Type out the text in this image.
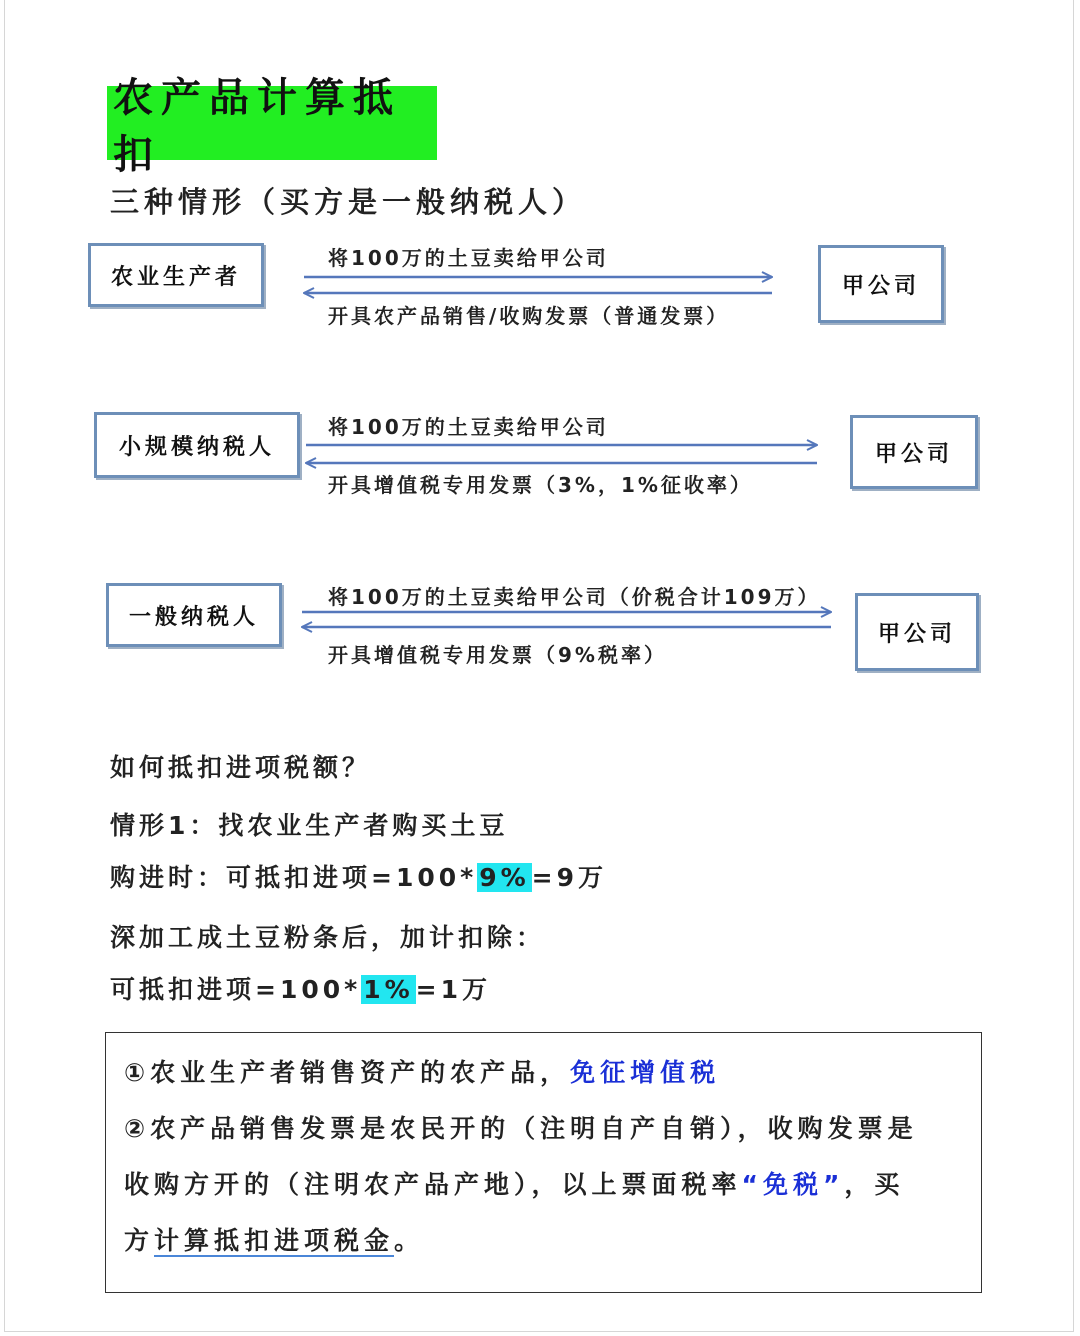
农产品计算抵扣
三种情形（买方是一般纳税人）
农业生产者	甲公司
将100万的土豆卖给甲公司
开具农产品销售/收购发票（普通发票）
小规模纳税人	甲公司
将100万的土豆卖给甲公司
开具增值税专用发票（3%，1%征收率）
一般纳税人
甲公司
将100万的土豆卖给甲公司（价税合计109万）
开具增值税专用发票（9%税率）
如何抵扣进项税额？
情形1：找农业生产者购买土豆
购进时：可抵扣进项=100*9%=9万
深加工成土豆粉条后，加计扣除：
可抵扣进项=100*1%=1万
①农业生产者销售资产的农产品，免征增值税
②农产品销售发票是农民开的（注明自产自销），收购发票是
收购方开的（注明农产品产地），以上票面税率“免税”，买
方计算抵扣进项税金。
